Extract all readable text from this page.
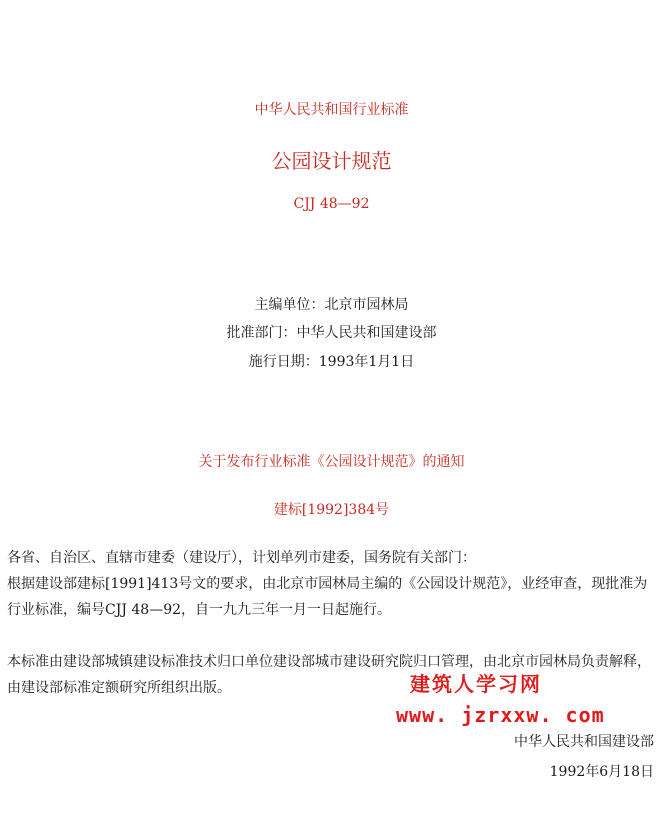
中华人民共和国行业标准
公园设计规范
CJJ 48—92
主编单位：北京市园林局
批准部门：中华人民共和国建设部
施行日期：1993年1月1日
关于发布行业标准《公园设计规范》的通知
建标[1992]384号
各省、自治区、直辖市建委（建设厅），计划单列市建委，国务院有关部门：
根据建设部建标[1991]413号文的要求，由北京市园林局主编的《公园设计规范》，业经审查，现批准为行业标准，编号CJJ 48—92，自一九九三年一月一日起施行。
本标准由建设部城镇建设标准技术归口单位建设部城市建设研究院归口管理，由北京市园林局负责解释，由建设部标准定额研究所组织出版。
中华人民共和国建设部
1992年6月18日
建筑人学习网
www. jzrxxw. com
